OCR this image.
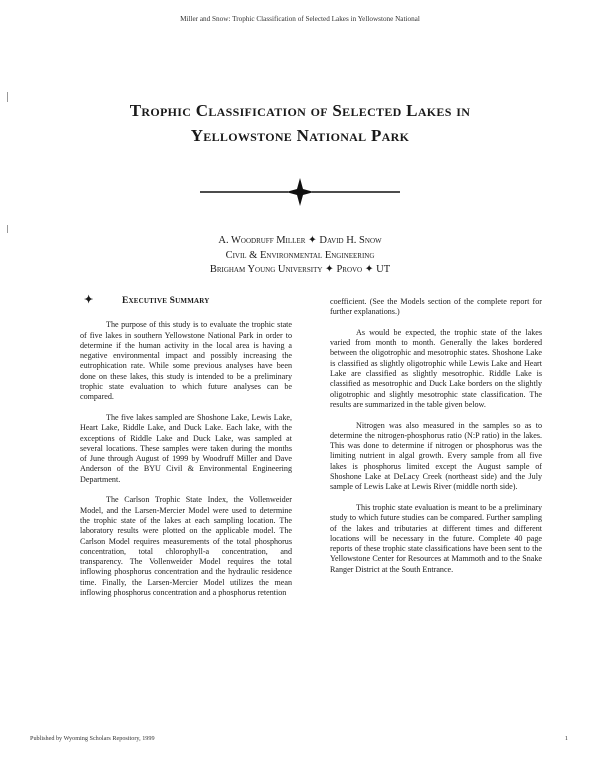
Miller and Snow: Trophic Classification of Selected Lakes in Yellowstone National
Trophic Classification of Selected Lakes in
Yellowstone National Park
A. Woodruff Miller ✦ David H. Snow
Civil & Environmental Engineering
Brigham Young University ✦ Provo ✦ UT
✦	Executive Summary

The purpose of this study is to evaluate the trophic state of five lakes in southern Yellowstone National Park in order to determine if the human activity in the local area is having a negative environmental impact and possibly increasing the eutrophication rate. While some previous analyses have been done on these lakes, this study is intended to be a preliminary trophic state evaluation to which future analyses can be compared.

The five lakes sampled are Shoshone Lake, Lewis Lake, Heart Lake, Riddle Lake, and Duck Lake. Each lake, with the exceptions of Riddle Lake and Duck Lake, was sampled at several locations. These samples were taken during the months of June through August of 1999 by Woodruff Miller and Dave Anderson of the BYU Civil & Environmental Engineering Department.

The Carlson Trophic State Index, the Vollenweider Model, and the Larsen-Mercier Model were used to determine the trophic state of the lakes at each sampling location. The laboratory results were plotted on the applicable model. The Carlson Model requires measurements of the total phosphorus concentration, total chlorophyll-a concentration, and transparency. The Vollenweider Model requires the total inflowing phosphorus concentration and the hydraulic residence time. Finally, the Larsen-Mercier Model utilizes the mean inflowing phosphorus concentration and a phosphorus retention

coefficient. (See the Models section of the complete report for further explanations.)

As would be expected, the trophic state of the lakes varied from month to month. Generally the lakes bordered between the oligotrophic and mesotrophic states. Shoshone Lake is classified as slightly oligotrophic while Lewis Lake and Heart Lake are classified as slightly mesotrophic. Riddle Lake is classified as mesotrophic and Duck Lake borders on the slightly oligotrophic and slightly mesotrophic state classification. The results are summarized in the table given below.

Nitrogen was also measured in the samples so as to determine the nitrogen-phosphorus ratio (N:P ratio) in the lakes. This was done to determine if nitrogen or phosphorus was the limiting nutrient in algal growth. Every sample from all five lakes is phosphorus limited except the August sample of Shoshone Lake at DeLacy Creek (northeast side) and the July sample of Lewis Lake at Lewis River (middle north side).

This trophic state evaluation is meant to be a preliminary study to which future studies can be compared. Further sampling of the lakes and tributaries at different times and different locations will be necessary in the future. Complete 40 page reports of these trophic state classifications have been sent to the Yellowstone Center for Resources at Mammoth and to the Snake Ranger District at the South Entrance.

Published by Wyoming Scholars Repository, 1999	1
